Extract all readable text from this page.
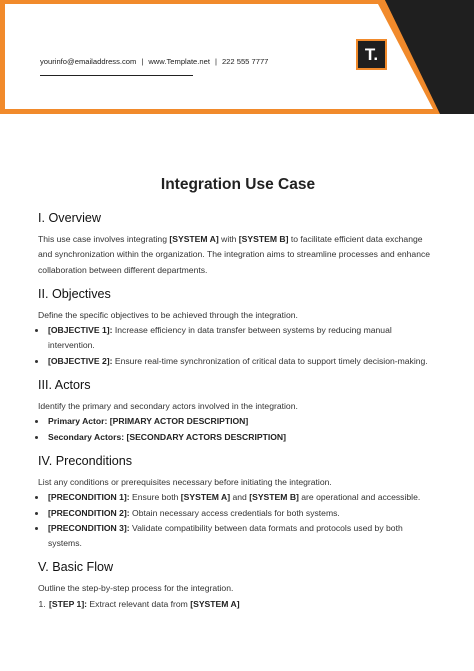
yourinfo@emailaddress.com | www.Template.net | 222 555 7777	T.
Integration Use Case
I. Overview

This use case involves integrating [SYSTEM A] with [SYSTEM B] to facilitate efficient data exchange and synchronization within the organization. The integration aims to streamline processes and enhance collaboration between different departments.

II. Objectives

Define the specific objectives to be achieved through the integration.

• [OBJECTIVE 1]: Increase efficiency in data transfer between systems by reducing manual intervention.
• [OBJECTIVE 2]: Ensure real-time synchronization of critical data to support timely decision-making.
III. Actors

Identify the primary and secondary actors involved in the integration.

• Primary Actor: [PRIMARY ACTOR DESCRIPTION]
• Secondary Actors: [SECONDARY ACTORS DESCRIPTION]
IV. Preconditions

List any conditions or prerequisites necessary before initiating the integration.

• [PRECONDITION 1]: Ensure both [SYSTEM A] and [SYSTEM B] are operational and accessible.
• [PRECONDITION 2]: Obtain necessary access credentials for both systems.
• [PRECONDITION 3]: Validate compatibility between data formats and protocols used by both systems.
V. Basic Flow

Outline the step-by-step process for the integration.

1. [STEP 1]: Extract relevant data from [SYSTEM A]
